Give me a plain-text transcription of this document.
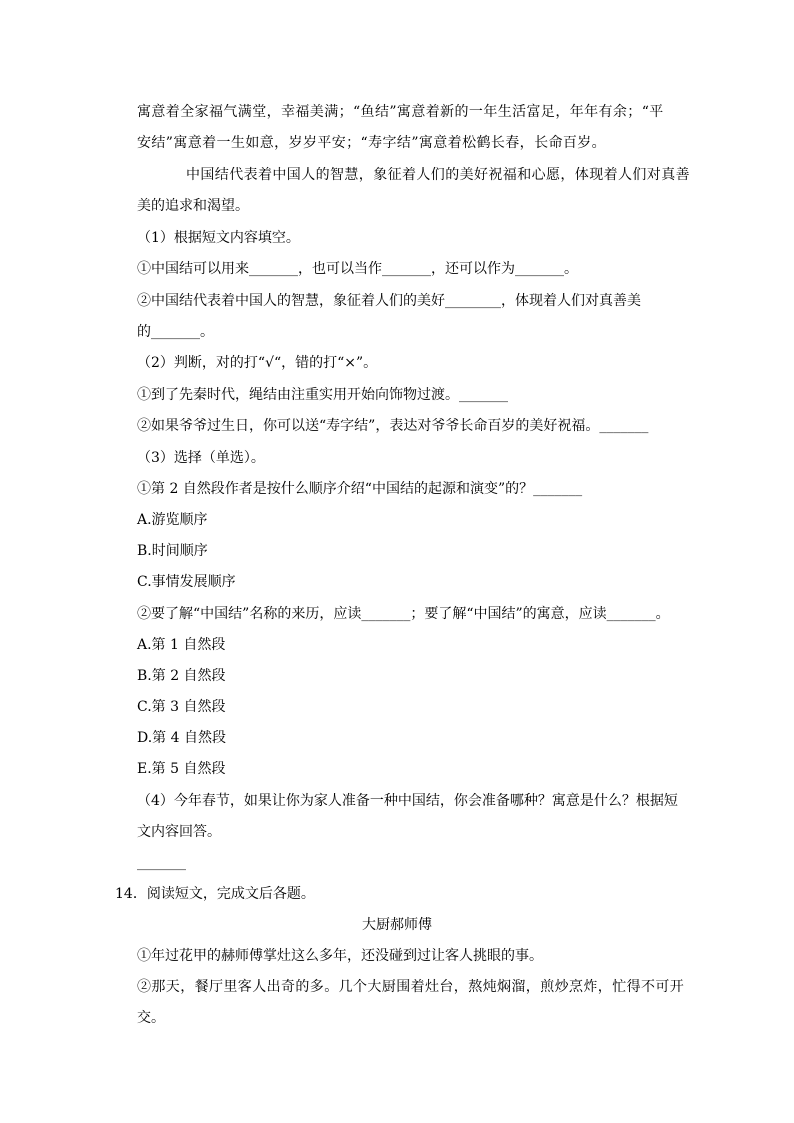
寓意着全家福气满堂，幸福美满；“鱼结”寓意着新的一年生活富足，年年有余；“平
安结”寓意着一生如意，岁岁平安；“寿字结”寓意着松鹤长春，长命百岁。
中国结代表着中国人的智慧，象征着人们的美好祝福和心愿，体现着人们对真善
美的追求和渴望。
（1）根据短文内容填空。
①中国结可以用来_______，也可以当作_______，还可以作为_______。
②中国结代表着中国人的智慧，象征着人们的美好________，体现着人们对真善美
的_______。
（2）判断，对的打“√“，错的打“×”。
①到了先秦时代，绳结由注重实用开始向饰物过渡。_______
②如果爷爷过生日，你可以送“寿字结”，表达对爷爷长命百岁的美好祝福。_______
（3）选择（单选）。
①第 2 自然段作者是按什么顺序介绍“中国结的起源和演变”的？_______
A.游览顺序
B.时间顺序
C.事情发展顺序
②要了解“中国结”名称的来历，应读_______；要了解“中国结”的寓意，应读_______。
A.第 1 自然段
B.第 2 自然段
C.第 3 自然段
D.第 4 自然段
E.第 5 自然段
（4）今年春节，如果让你为家人准备一种中国结，你会准备哪种？寓意是什么？根据短
文内容回答。
_______
14．阅读短文，完成文后各题。
大厨郝师傅
①年过花甲的赫师傅掌灶这么多年，还没碰到过让客人挑眼的事。
②那天，餐厅里客人出奇的多。几个大厨围着灶台，熬炖焖溜，煎炒烹炸，忙得不可开
交。
